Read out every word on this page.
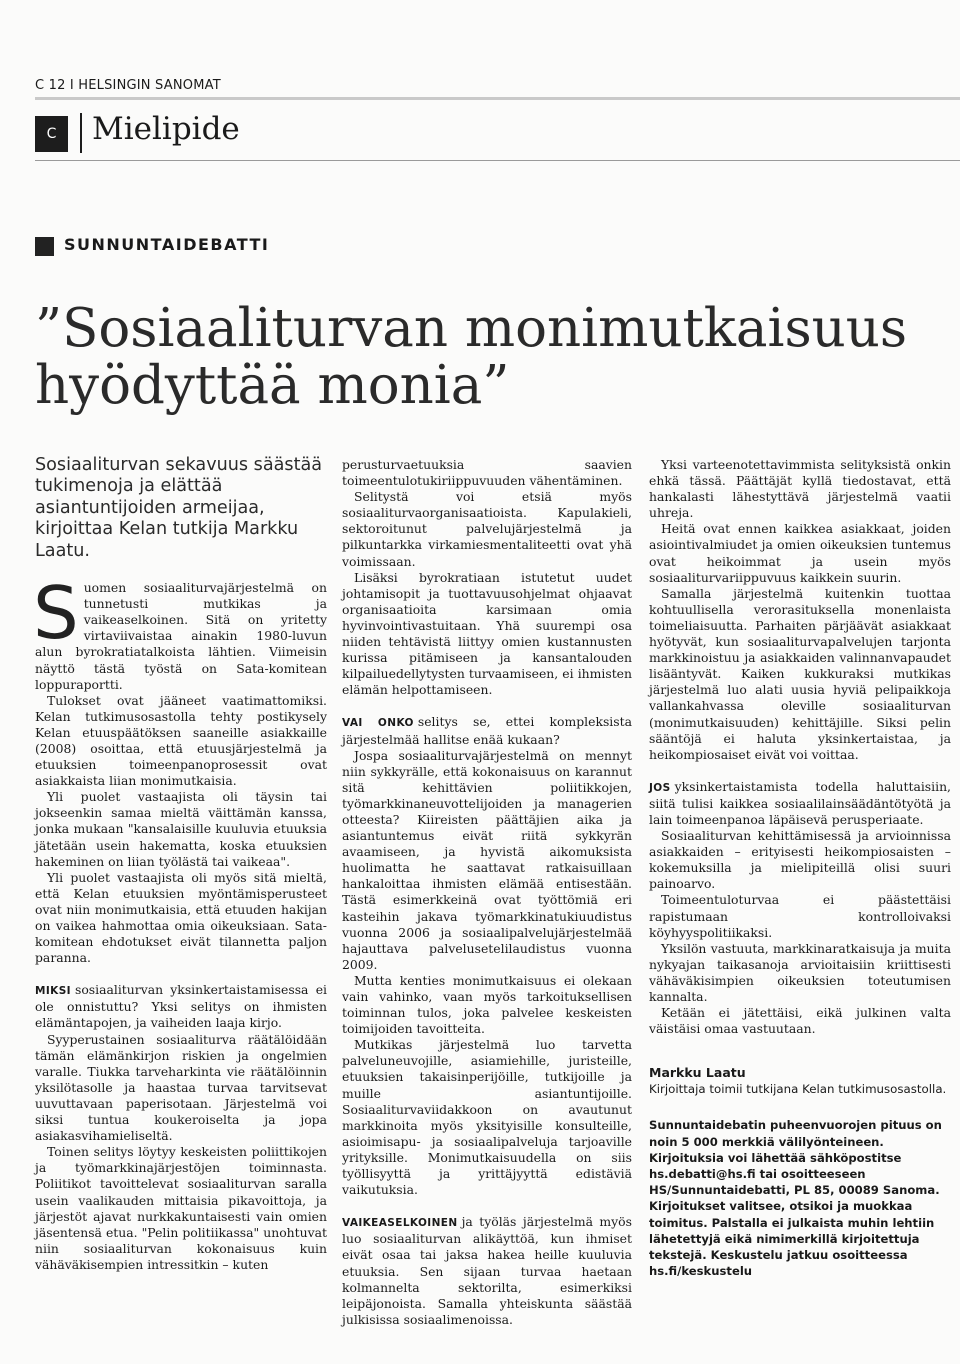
C 12 I HELSINGIN SANOMAT
C	Mielipide
SUNNUNTAIDEBATTI
”Sosiaaliturvan monimutkaisuus hyödyttää monia”

Sosiaaliturvan sekavuus säästää tukimenoja ja elättää asiantuntijoiden armeijaa, kirjoittaa Kelan tutkija Markku Laatu.

Suomen sosiaaliturvajärjestelmä on tunnetusti mutkikas ja vaikeaselkoinen. Sitä on yritetty virtaviivaistaa ainakin 1980-luvun alun byrokratiatalkoista lähtien. Viimeisin näyttö tästä työstä on Sata-komitean loppuraportti.

Tulokset ovat jääneet vaatimattomiksi. Kelan tutkimusosastolla tehty postikysely Kelan etuuspäätöksen saaneille asiakkaille (2008) osoittaa, että etuusjärjestelmä ja etuuksien toimeenpanoprosessit ovat asiakkaista liian monimutkaisia.

Yli puolet vastaajista oli täysin tai jokseenkin samaa mieltä väittämän kanssa, jonka mukaan "kansalaisille kuuluvia etuuksia jätetään usein hakematta, koska etuuksien hakeminen on liian työlästä tai vaikeaa".

Yli puolet vastaajista oli myös sitä mieltä, että Kelan etuuksien myöntämisperusteet ovat niin monimutkaisia, että etuuden hakijan on vaikea hahmottaa omia oikeuksiaan. Sata-komitean ehdotukset eivät tilannetta paljon paranna.

MIKSI sosiaaliturvan yksinkertaistamisessa ei ole onnistuttu? Yksi selitys on ihmisten elämäntapojen, ja vaiheiden laaja kirjo.

Syyperustainen sosiaaliturva räätälöidään tämän elämänkirjon riskien ja ongelmien varalle. Tiukka tarveharkinta vie räätälöinnin yksilötasolle ja haastaa turvaa tarvitsevat uuvuttavaan paperisotaan. Järjestelmä voi siksi tuntua koukeroiselta ja jopa asiakasvihamieliseltä.

Toinen selitys löytyy keskeisten poliittikojen ja työmarkkinajärjestöjen toiminnasta. Poliitikot tavoittelevat sosiaaliturvan saralla usein vaalikauden mittaisia pikavoittoja, ja järjestöt ajavat nurkkakuntaisesti vain omien jäsentensä etua. "Pelin politiikassa" unohtuvat niin sosiaaliturvan kokonaisuus kuin vähäväkisempien intressitkin – kuten

perusturvaetuuksia saavien toimeentulotukiriippuvuuden vähentäminen.

Selitystä voi etsiä myös sosiaaliturvaorganisaatioista. Kapulakieli, sektoroitunut palvelujärjestelmä ja pilkuntarkka virkamiesmentaliteetti ovat yhä voimissaan.

Lisäksi byrokratiaan istutetut uudet johtamisopit ja tuottavuusohjelmat ohjaavat organisaatioita karsimaan omia hyvinvointivastuitaan. Yhä suurempi osa niiden tehtävistä liittyy omien kustannusten kurissa pitämiseen ja kansantalouden kilpailuedellytysten turvaamiseen, ei ihmisten elämän helpottamiseen.

VAI ONKO selitys se, ettei kompleksista järjestelmää hallitse enää kukaan?

Jospa sosiaaliturvajärjestelmä on mennyt niin sykkyrälle, että kokonaisuus on karannut sitä kehittävien poliitikkojen, työmarkkinaneuvottelijoiden ja managerien otteesta? Kiireisten päättäjien aika ja asiantuntemus eivät riitä sykkyrän avaamiseen, ja hyvistä aikomuksista huolimatta he saattavat ratkaisuillaan hankaloittaa ihmisten elämää entisestään. Tästä esimerkkeinä ovat työttömiä eri kasteihin jakava työmarkkinatukiuudistus vuonna 2006 ja sosiaalipalvelujärjestelmää hajauttava palvelusetelilaudistus vuonna 2009.

Mutta kenties monimutkaisuus ei olekaan vain vahinko, vaan myös tarkoituksellisen toiminnan tulos, joka palvelee keskeisten toimijoiden tavoitteita.

Mutkikas järjestelmä luo tarvetta palveluneuvojille, asiamiehille, juristeille, etuuksien takaisinperijöille, tutkijoille ja muille asiantuntijoille. Sosiaaliturvaviidakkoon on avautunut markkinoita myös yksityisille konsulteille, asioimisapu- ja sosiaalipalveluja tarjoaville yrityksille. Monimutkaisuudella on siis työllisyyttä ja yrittäjyyttä edistäviä vaikutuksia.

VAIKEASELKOINEN ja työläs järjestelmä myös luo sosiaaliturvan alikäyttöä, kun ihmiset eivät osaa tai jaksa hakea heille kuuluvia etuuksia. Sen sijaan turvaa haetaan kolmannelta sektorilta, esimerkiksi leipäjonoista. Samalla yhteiskunta säästää julkisissa sosiaalimenoissa.

Yksi varteenotettavimmista selityksistä onkin ehkä tässä. Päättäjät kyllä tiedostavat, että hankalasti lähestyttävä järjestelmä vaatii uhreja.

Heitä ovat ennen kaikkea asiakkaat, joiden asiointivalmiudet ja omien oikeuksien tuntemus ovat heikoimmat ja usein myös sosiaaliturvariippuvuus kaikkein suurin.

Samalla järjestelmä kuitenkin tuottaa kohtuullisella verorasituksella monenlaista toimeliaisuutta. Parhaiten pärjäävät asiakkaat hyötyvät, kun sosiaaliturvapalvelujen tarjonta markkinoistuu ja asiakkaiden valinnanvapaudet lisääntyvät. Kaiken kukkuraksi mutkikas järjestelmä luo alati uusia hyviä pelipaikkoja vallankahvassa oleville sosiaaliturvan (monimutkaisuuden) kehittäjille. Siksi pelin sääntöjä ei haluta yksinkertaistaa, ja heikompiosaiset eivät voi voittaa.

JOS yksinkertaistamista todella haluttaisiin, siitä tulisi kaikkea sosiaalilainsäädäntötyötä ja lain toimeenpanoa läpäisevä perusperiaate.

Sosiaaliturvan kehittämisessä ja arvioinnissa asiakkaiden – erityisesti heikompiosaisten – kokemuksilla ja mielipiteillä olisi suuri painoarvo.

Toimeentuloturvaa ei päästettäisi rapistumaan kontrolloivaksi köyhyyspolitiikaksi.

Yksilön vastuuta, markkinaratkaisuja ja muita nykyajan taikasanoja arvioitaisiin kriittisesti vähäväkisimpien oikeuksien toteutumisen kannalta.

Ketään ei jätettäisi, eikä julkinen valta väistäisi omaa vastuutaan.

Markku Laatu

Kirjoittaja toimii tutkijana Kelan tutkimusosastolla.

Sunnuntaidebatin puheenvuorojen pituus on noin 5 000 merkkiä välilyönteineen. Kirjoituksia voi lähettää sähköpostitse hs.debatti@hs.fi tai osoitteeseen HS/Sunnuntaidebatti, PL 85, 00089 Sanoma. Kirjoitukset valitsee, otsikoi ja muokkaa toimitus. Palstalla ei julkaista muhin lehtiin lähetettyjä eikä nimimerkillä kirjoitettuja tekstejä. Keskustelu jatkuu osoitteessa hs.fi/keskustelu
